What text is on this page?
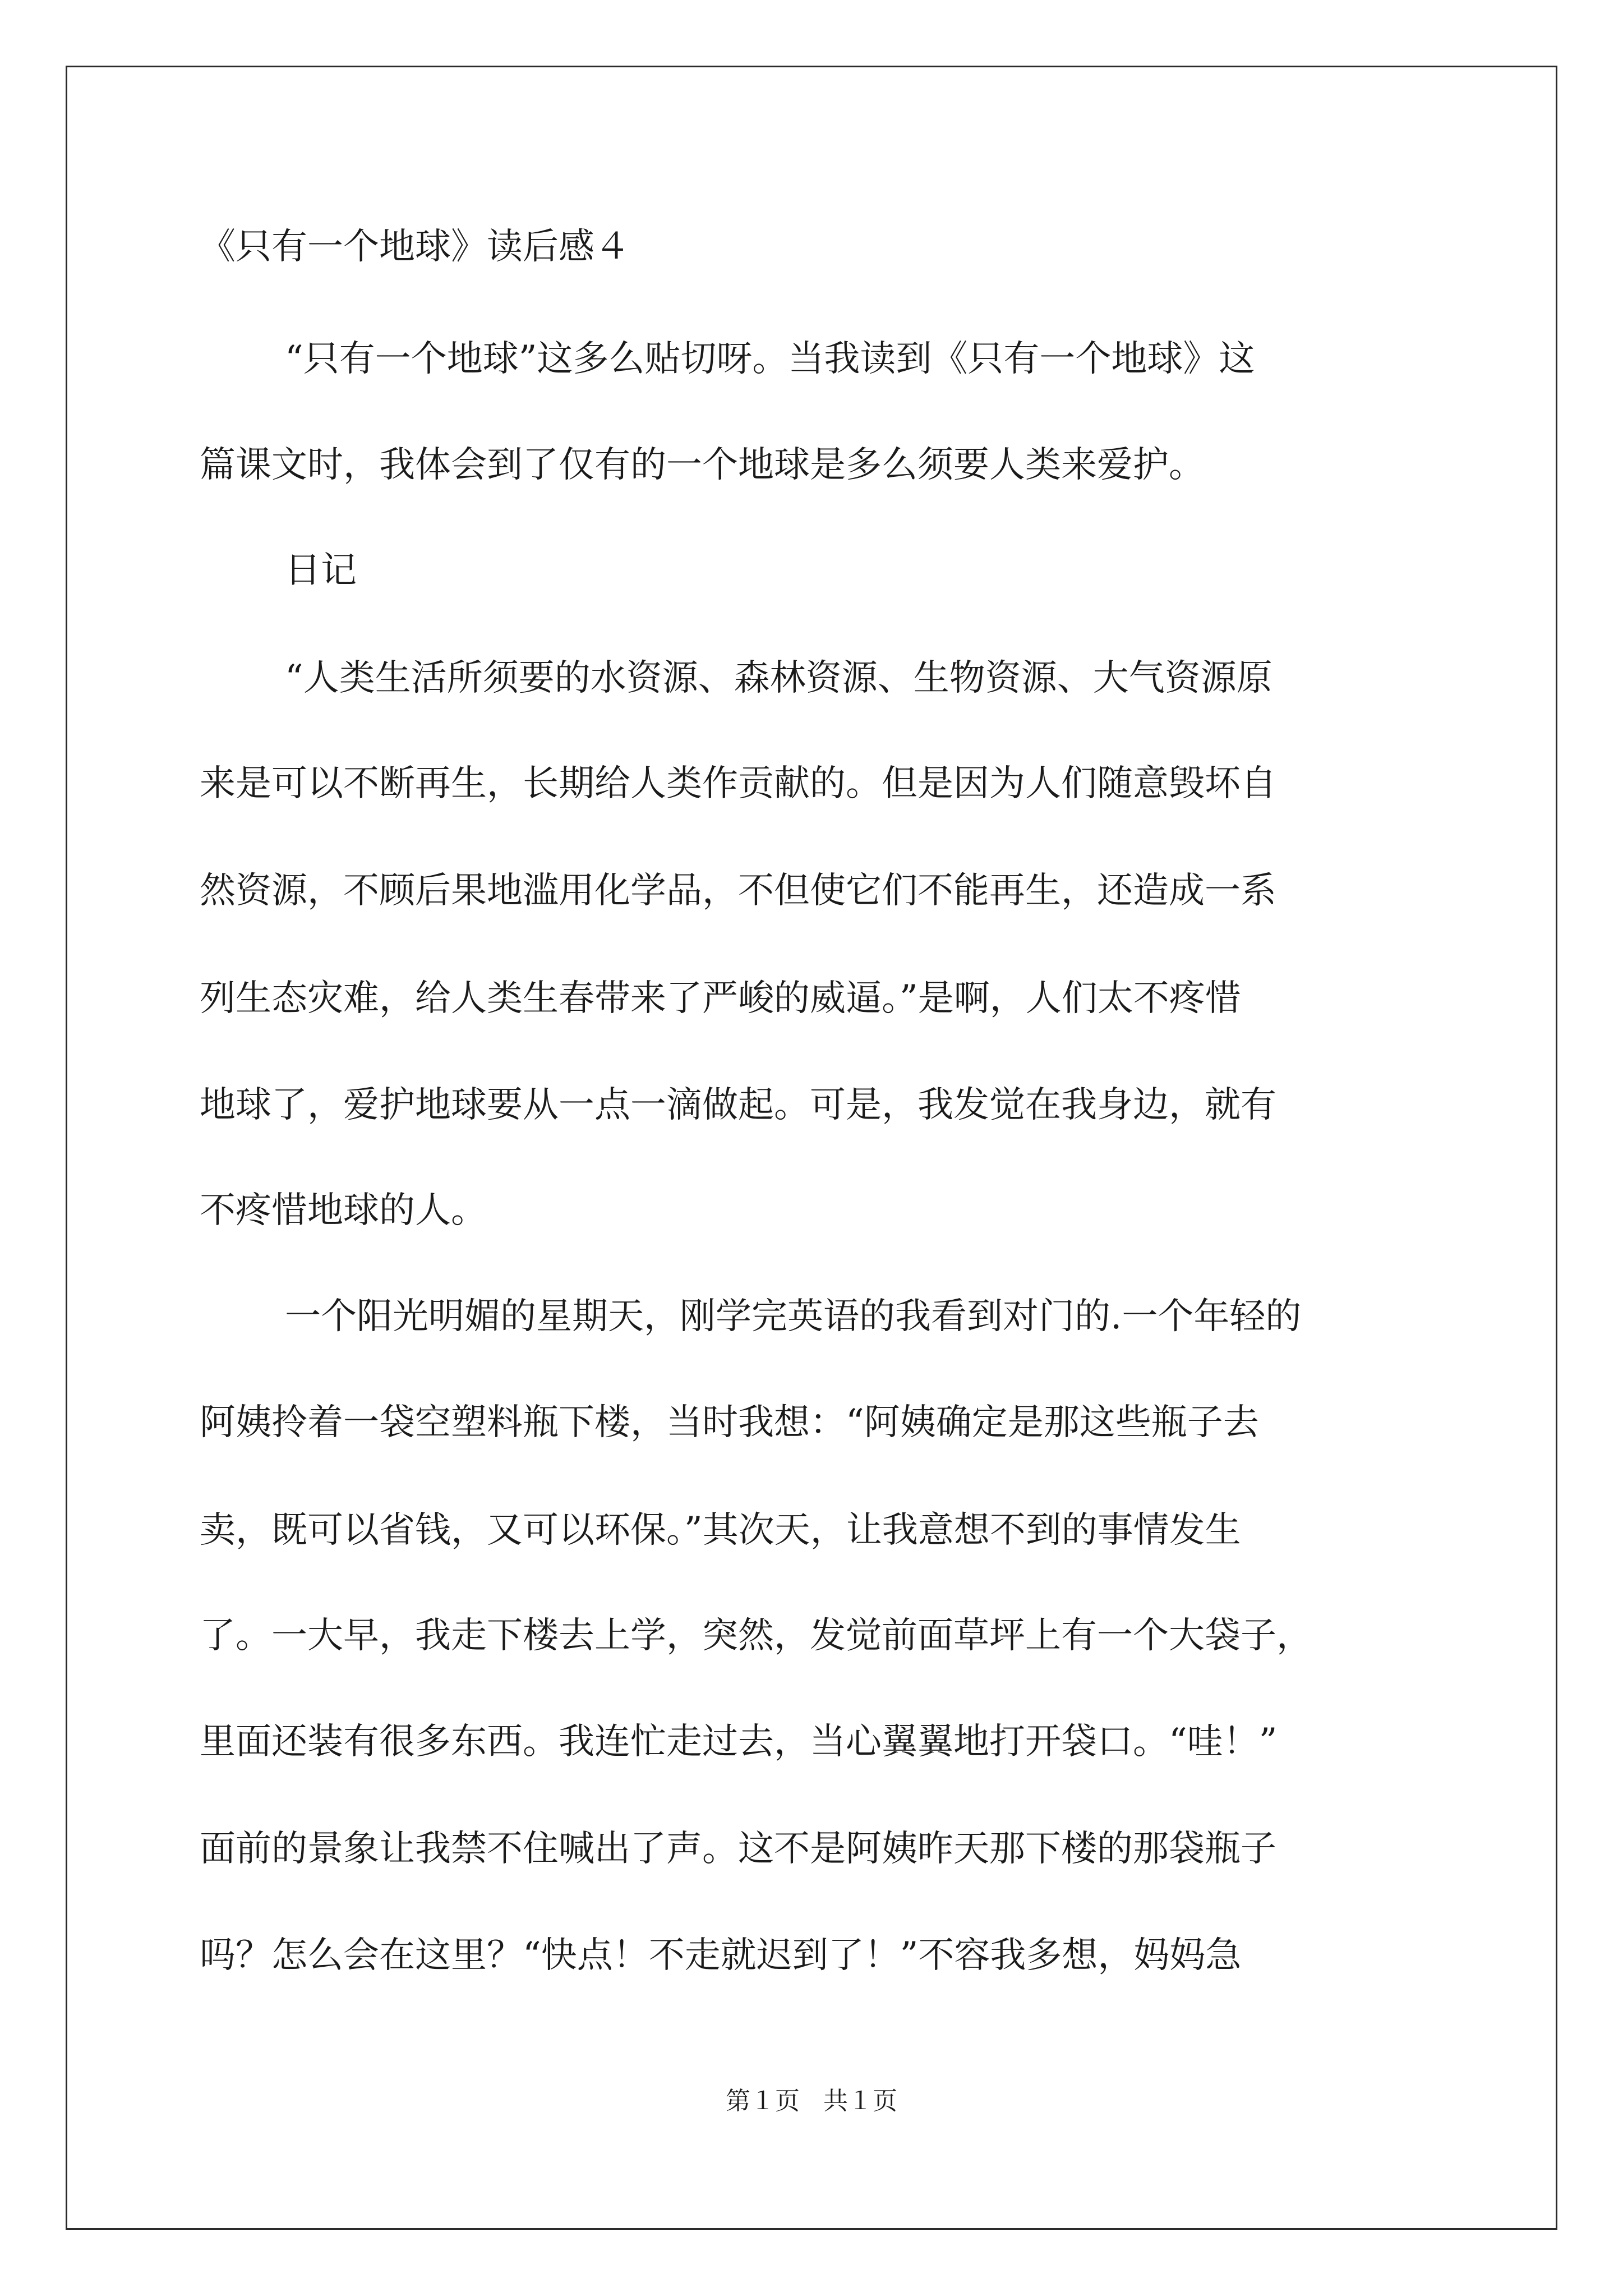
《只有一个地球》读后感４

“只有一个地球”这多么贴切呀。当我读到《只有一个地球》这

篇课文时，我体会到了仅有的一个地球是多么须要人类来爱护。

日记

“人类生活所须要的水资源、森林资源、生物资源、大气资源原

来是可以不断再生，长期给人类作贡献的。但是因为人们随意毁坏自

然资源，不顾后果地滥用化学品，不但使它们不能再生，还造成一系

列生态灾难，给人类生春带来了严峻的威逼。”是啊，人们太不疼惜

地球了，爱护地球要从一点一滴做起。可是，我发觉在我身边，就有

不疼惜地球的人。

一个阳光明媚的星期天，刚学完英语的我看到对门的.一个年轻的

阿姨拎着一袋空塑料瓶下楼，当时我想：“阿姨确定是那这些瓶子去

卖，既可以省钱，又可以环保。”其次天，让我意想不到的事情发生

了。一大早，我走下楼去上学，突然，发觉前面草坪上有一个大袋子，

里面还装有很多东西。我连忙走过去，当心翼翼地打开袋口。“哇！”

面前的景象让我禁不住喊出了声。这不是阿姨昨天那下楼的那袋瓶子

吗？怎么会在这里？“快点！不走就迟到了！”不容我多想，妈妈急

第１页   共１页
